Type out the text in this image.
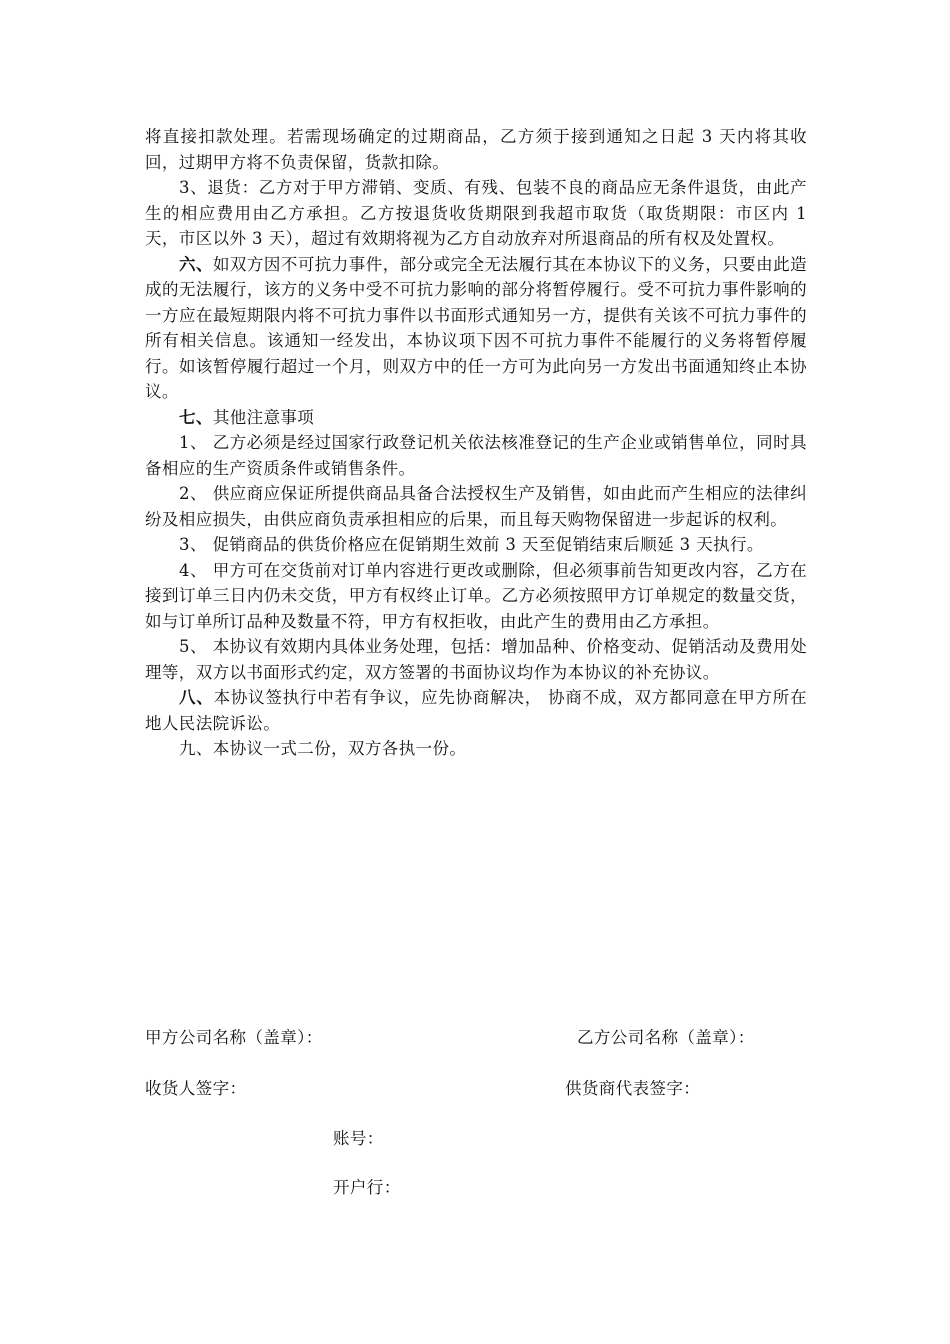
将直接扣款处理。若需现场确定的过期商品，乙方须于接到通知之日起 3 天内将其收回，过期甲方将不负责保留，货款扣除。

3、退货：乙方对于甲方滞销、变质、有残、包装不良的商品应无条件退货，由此产 生的相应费用由乙方承担。乙方按退货收货期限到我超市取货（取货期限：市区内 1 天，市区以外 3 天），超过有效期将视为乙方自动放弃对所退商品的所有权及处置权。

六、如双方因不可抗力事件，部分或完全无法履行其在本协议下的义务，只要由此造成的无法履行，该方的义务中受不可抗力影响的部分将暂停履行。受不可抗力事件影响的一方应在最短期限内将不可抗力事件以书面形式通知另一方，提供有关该不可抗力事件的所有相关信息。该通知一经发出，本协议项下因不可抗力事件不能履行的义务将暂停履行。如该暂停履行超过一个月，则双方中的任一方可为此向另一方发出书面通知终止本协议。

七、其他注意事项

1、 乙方必须是经过国家行政登记机关依法核准登记的生产企业或销售单位，同时具备相应的生产资质条件或销售条件。

2、 供应商应保证所提供商品具备合法授权生产及销售，如由此而产生相应的法律纠纷及相应损失，由供应商负责承担相应的后果，而且每天购物保留进一步起诉的权利。

3、 促销商品的供货价格应在促销期生效前 3 天至促销结束后顺延 3 天执行。

4、 甲方可在交货前对订单内容进行更改或删除，但必须事前告知更改内容，乙方在接到订单三日内仍未交货，甲方有权终止订单。乙方必须按照甲方订单规定的数量交货，如与订单所订品种及数量不符，甲方有权拒收，由此产生的费用由乙方承担。

5、 本协议有效期内具体业务处理，包括：增加品种、价格变动、促销活动及费用处理等，双方以书面形式约定，双方签署的书面协议均作为本协议的补充协议。

八、本协议签执行中若有争议，应先协商解决， 协商不成，双方都同意在甲方所在地人民法院诉讼。

九、本协议一式二份，双方各执一份。

甲方公司名称（盖章）：	乙方公司名称（盖章）：
收货人签字：	供货商代表签字：
账号：
开户行：
